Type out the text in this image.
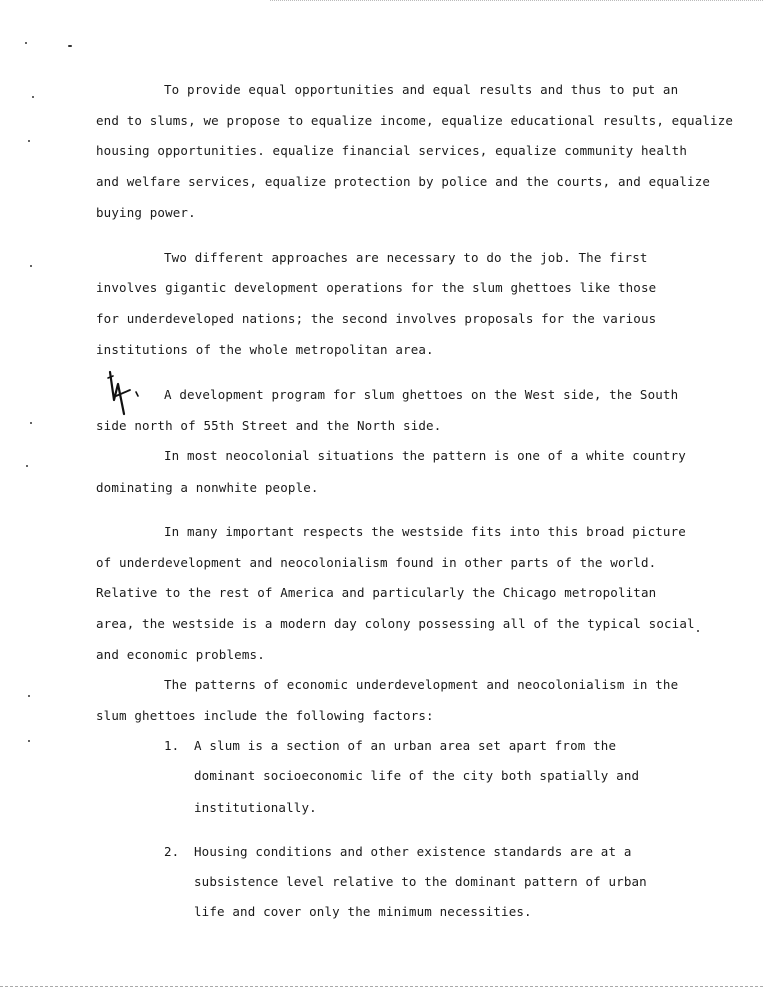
To provide equal opportunities and equal results and thus to put an
end to slums, we propose to equalize income, equalize educational results, equalize
housing opportunities. equalize financial services, equalize community health
and welfare services, equalize protection by police and the courts, and equalize
buying power.
Two different approaches are necessary to do the job. The first
involves gigantic development operations for the slum ghettoes like those
for underdeveloped nations; the second involves proposals for the various
institutions of the whole metropolitan area.
A development program for slum ghettoes on the West side, the South
side north of 55th Street and the North side.
In most neocolonial situations the pattern is one of a white country
dominating a nonwhite people.
In many important respects the westside fits into this broad picture
of underdevelopment and neocolonialism found in other parts of the world.
Relative to the rest of America and particularly the Chicago metropolitan
area, the westside is a modern day colony possessing all of the typical social
and economic problems.
The patterns of economic underdevelopment and neocolonialism in the
slum ghettoes include the following factors:
1. A slum is a section of an urban area set apart from the
dominant socioeconomic life of the city both spatially and
institutionally.
2. Housing conditions and other existence standards are at a
subsistence level relative to the dominant pattern of urban
life and cover only the minimum necessities.
